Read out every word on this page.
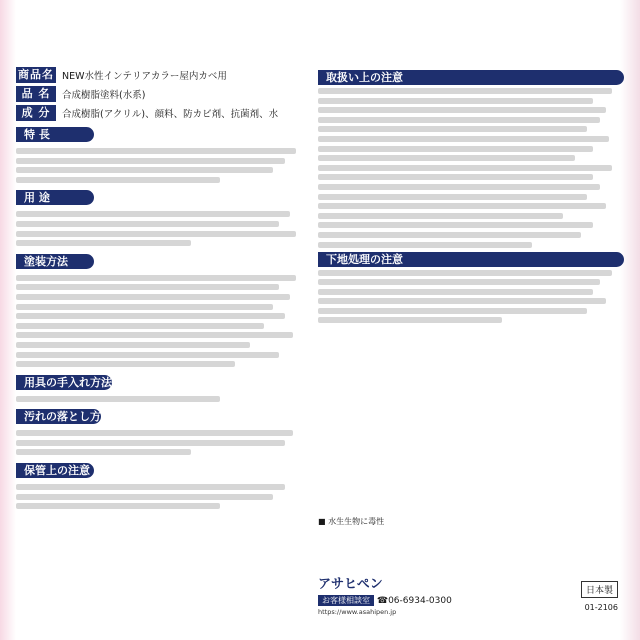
商品名 NEW水性インテリアカラー屋内カベ用
品 名	合成樹脂塗料(水系)
成 分	合成樹脂(アクリル)、顔料、防カビ剤、抗菌剤、水
特 長
用 途
塗装方法
用具の手入れ方法
汚れの落とし方
保管上の注意
取扱い上の注意
下地処理の注意
■ 水生生物に毒性
アサヒペン
お客様相談室 ☎06-6934-0300
https://www.asahipen.jp
日本製
01-2106
